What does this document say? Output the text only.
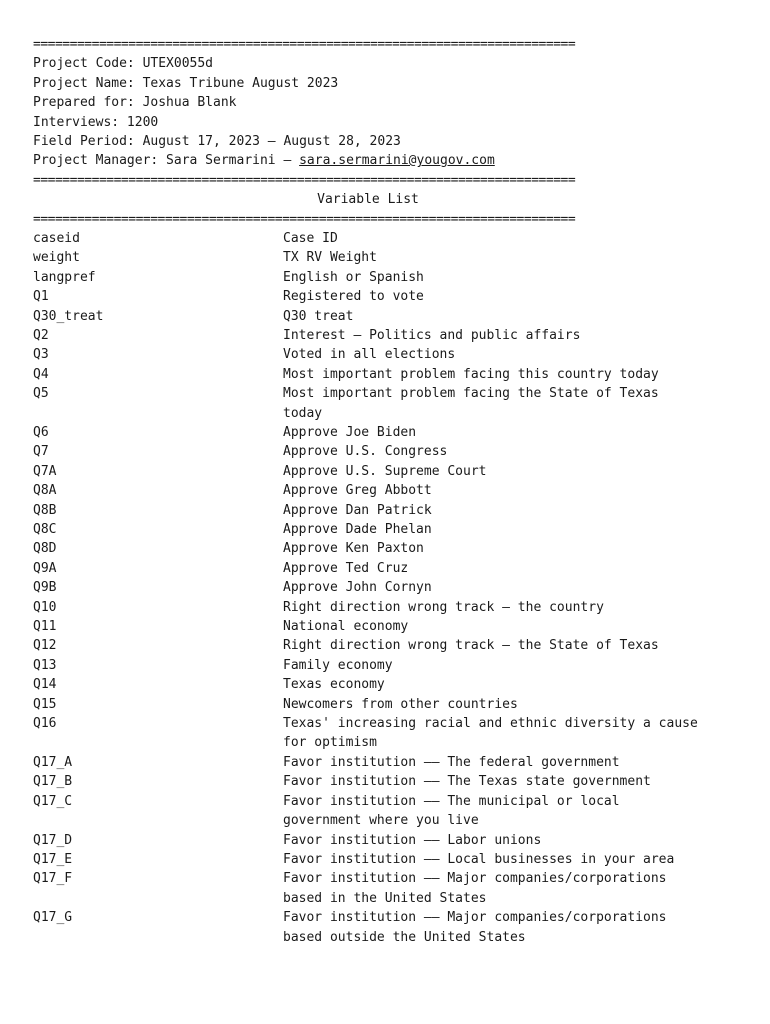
==========================================================================
Project Code: UTEX0055d
Project Name: Texas Tribune August 2023
Prepared for: Joshua Blank
Interviews: 1200
Field Period: August 17, 2023 – August 28, 2023
Project Manager: Sara Sermarini – sara.sermarini@yougov.com
==========================================================================
Variable List
==========================================================================
caseid	Case ID
weight	TX RV Weight
langpref	English or Spanish
Q1	Registered to vote
Q30_treat	Q30 treat
Q2	Interest – Politics and public affairs
Q3	Voted in all elections
Q4	Most important problem facing this country today
Q5	Most important problem facing the State of Texas today
Q6	Approve Joe Biden
Q7	Approve U.S. Congress
Q7A	Approve U.S. Supreme Court
Q8A	Approve Greg Abbott
Q8B	Approve Dan Patrick
Q8C	Approve Dade Phelan
Q8D	Approve Ken Paxton
Q9A	Approve Ted Cruz
Q9B	Approve John Cornyn
Q10	Right direction wrong track – the country
Q11	National economy
Q12	Right direction wrong track – the State of Texas
Q13	Family economy
Q14	Texas economy
Q15	Newcomers from other countries
Q16	Texas' increasing racial and ethnic diversity a cause for optimism
Q17_A	Favor institution –– The federal government
Q17_B	Favor institution –– The Texas state government
Q17_C	Favor institution –– The municipal or local government where you live
Q17_D	Favor institution –– Labor unions
Q17_E	Favor institution –– Local businesses in your area
Q17_F	Favor institution –– Major companies/corporations based in the United States
Q17_G	Favor institution –– Major companies/corporations based outside the United States
